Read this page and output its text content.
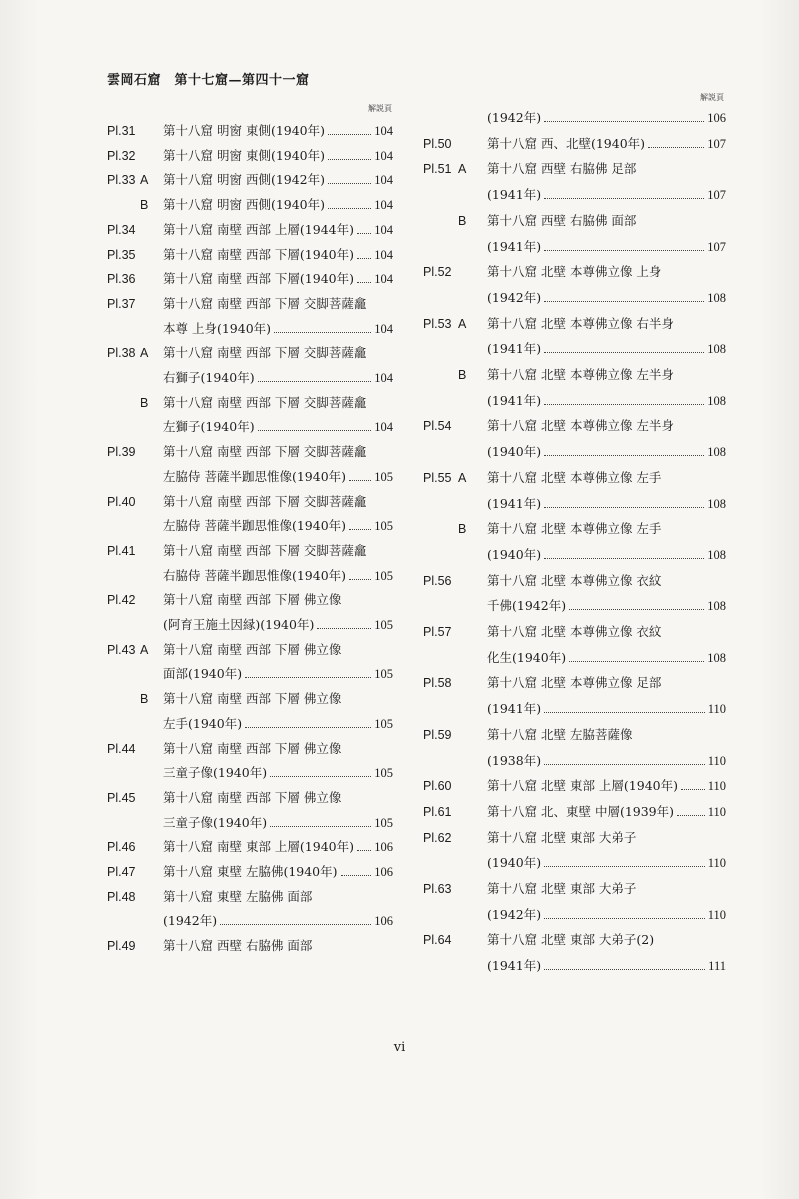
雲岡石窟　第十七窟—第四十一窟
解説頁
解説頁
Pl.31	第十八窟 明窗 東側(1940年)	104
Pl.32	第十八窟 明窗 東側(1940年)	104
Pl.33 A	第十八窟 明窗 西側(1942年)	104
B	第十八窟 明窗 西側(1940年)	104
Pl.34	第十八窟 南壁 西部 上層(1944年) 104
Pl.35	第十八窟 南壁 西部 下層(1940年) 104
Pl.36	第十八窟 南壁 西部 下層(1940年) 104
Pl.37	第十八窟 南壁 西部 下層 交脚菩薩龕
本尊 上身(1940年)	104
Pl.38 A	第十八窟 南壁 西部 下層 交脚菩薩龕
右獅子(1940年)	104
B	第十八窟 南壁 西部 下層 交脚菩薩龕
左獅子(1940年)	104
Pl.39	第十八窟 南壁 西部 下層 交脚菩薩龕
左脇侍 菩薩半跏思惟像(1940年) 105
Pl.40	第十八窟 南壁 西部 下層 交脚菩薩龕
左脇侍 菩薩半跏思惟像(1940年) 105
Pl.41	第十八窟 南壁 西部 下層 交脚菩薩龕
右脇侍 菩薩半跏思惟像(1940年) 105
Pl.42	第十八窟 南壁 西部 下層 佛立像
(阿育王施土因縁)(1940年)	105
Pl.43 A	第十八窟 南壁 西部 下層 佛立像
面部(1940年)	105
B	第十八窟 南壁 西部 下層 佛立像
左手(1940年)	105
Pl.44	第十八窟 南壁 西部 下層 佛立像
三童子像(1940年)	105
Pl.45	第十八窟 南壁 西部 下層 佛立像
三童子像(1940年)	105
Pl.46	第十八窟 南壁 東部 上層(1940年) 106
Pl.47	第十八窟 東壁 左脇佛(1940年)	106
Pl.48	第十八窟 東壁 左脇佛 面部
(1942年)	106
Pl.49	第十八窟 西壁 右脇佛 面部
(1942年)	106
Pl.50	第十八窟 西、北壁(1940年)	107
Pl.51 A	第十八窟 西壁 右脇佛 足部
(1941年)	107
B	第十八窟 西壁 右脇佛 面部
(1941年)	107
Pl.52	第十八窟 北壁 本尊佛立像 上身
(1942年)	108
Pl.53 A	第十八窟 北壁 本尊佛立像 右半身
(1941年)	108
B	第十八窟 北壁 本尊佛立像 左半身
(1941年)	108
Pl.54	第十八窟 北壁 本尊佛立像 左半身
(1940年)	108
Pl.55 A	第十八窟 北壁 本尊佛立像 左手
(1941年)	108
B	第十八窟 北壁 本尊佛立像 左手
(1940年)	108
Pl.56	第十八窟 北壁 本尊佛立像 衣紋
千佛(1942年)	108
Pl.57	第十八窟 北壁 本尊佛立像 衣紋
化生(1940年)	108
Pl.58	第十八窟 北壁 本尊佛立像 足部
(1941年)	110
Pl.59	第十八窟 北壁 左脇菩薩像
(1938年)	110
Pl.60	第十八窟 北壁 東部 上層(1940年) 110
Pl.61	第十八窟 北、東壁 中層(1939年)	110
Pl.62	第十八窟 北壁 東部 大弟子
(1940年)	110
Pl.63	第十八窟 北壁 東部 大弟子
(1942年)	110
Pl.64	第十八窟 北壁 東部 大弟子(2)
(1941年)	111
vi
